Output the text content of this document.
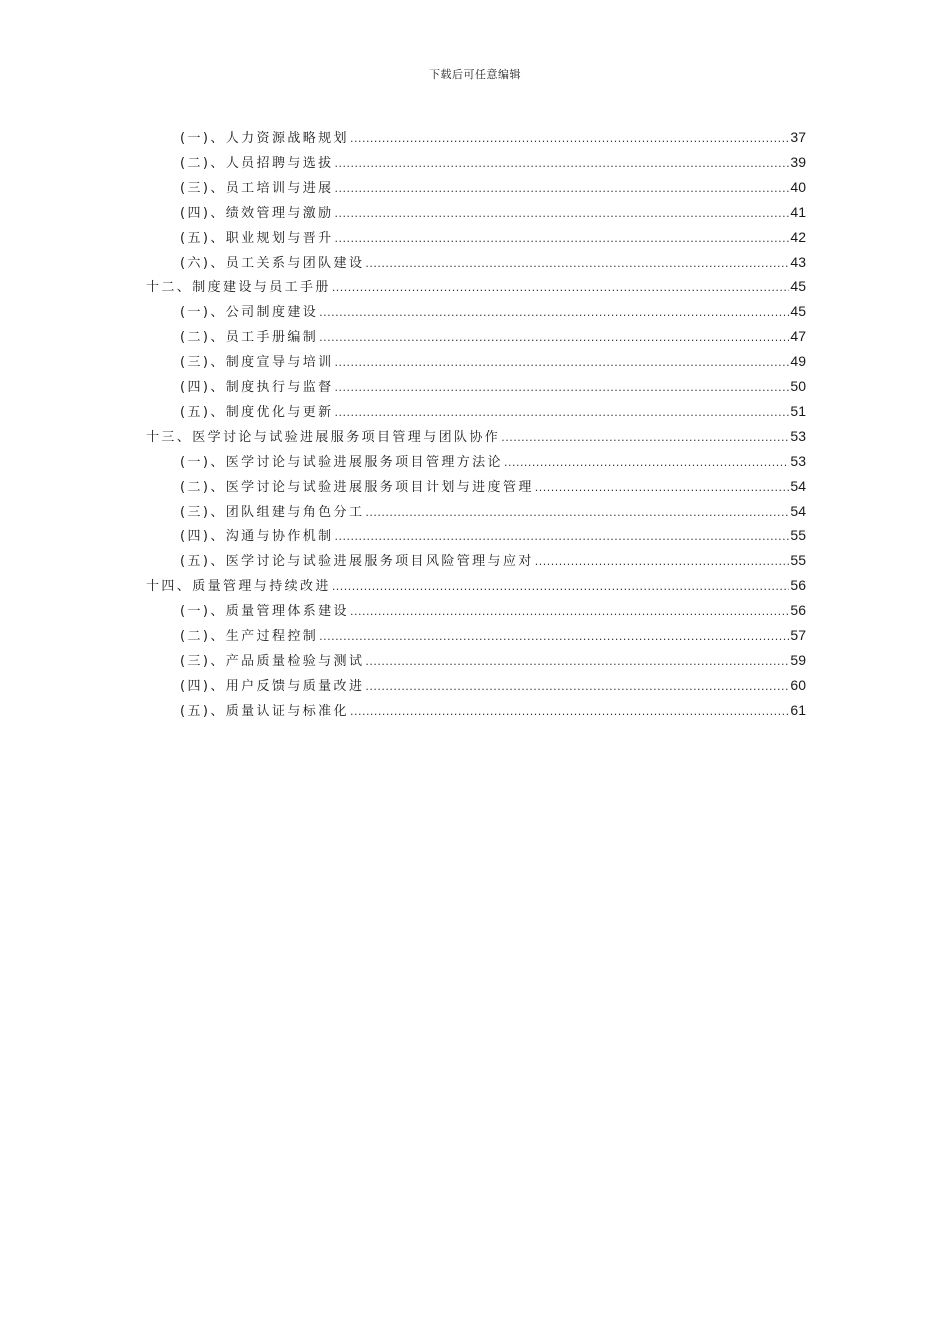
下载后可任意编辑
(一)、人力资源战略规划 .....	37
(二)、人员招聘与选拔 .....	39
(三)、员工培训与进展 .....	40
(四)、绩效管理与激励 .....	41
(五)、职业规划与晋升 .....	42
(六)、员工关系与团队建设 .....	43
十二、制度建设与员工手册 .....	45
(一)、公司制度建设 .....	45
(二)、员工手册编制 .....	47
(三)、制度宣导与培训 .....	49
(四)、制度执行与监督 .....	50
(五)、制度优化与更新 .....	51
十三、医学讨论与试验进展服务项目管理与团队协作 .....	53
(一)、医学讨论与试验进展服务项目管理方法论 .....	53
(二)、医学讨论与试验进展服务项目计划与进度管理 .....	54
(三)、团队组建与角色分工 .....	54
(四)、沟通与协作机制 .....	55
(五)、医学讨论与试验进展服务项目风险管理与应对 .....	55
十四、质量管理与持续改进 .....	56
(一)、质量管理体系建设 .....	56
(二)、生产过程控制 .....	57
(三)、产品质量检验与测试 .....	59
(四)、用户反馈与质量改进 .....	60
(五)、质量认证与标准化 .....	61
